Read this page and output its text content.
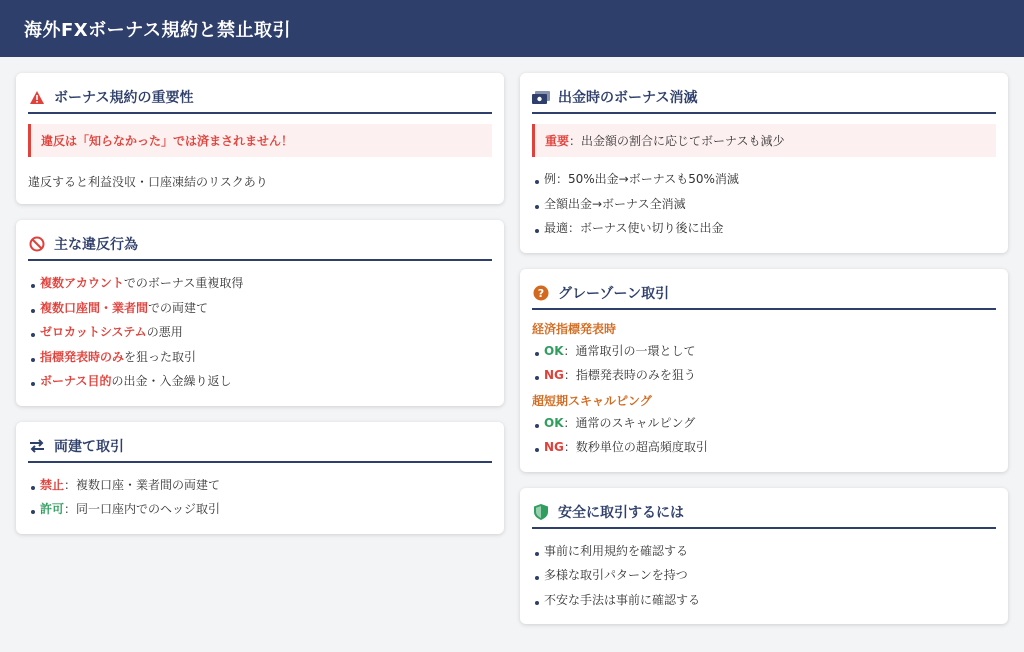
海外FXボーナス規約と禁止取引
ボーナス規約の重要性
違反は「知らなかった」では済まされません！
違反すると利益没収・口座凍結のリスクあり
主な違反行為
複数アカウントでのボーナス重複取得
複数口座間・業者間での両建て
ゼロカットシステムの悪用
指標発表時のみを狙った取引
ボーナス目的の出金・入金繰り返し
両建て取引
禁止：複数口座・業者間の両建て
許可：同一口座内でのヘッジ取引
出金時のボーナス消滅
重要：出金額の割合に応じてボーナスも減少
例：50%出金→ボーナスも50%消滅
全額出金→ボーナス全消滅
最適：ボーナス使い切り後に出金
? グレーゾーン取引
経済指標発表時
OK：通常取引の一環として
NG：指標発表時のみを狙う
超短期スキャルピング
OK：通常のスキャルピング
NG：数秒単位の超高頻度取引
安全に取引するには
事前に利用規約を確認する
多様な取引パターンを持つ
不安な手法は事前に確認する
